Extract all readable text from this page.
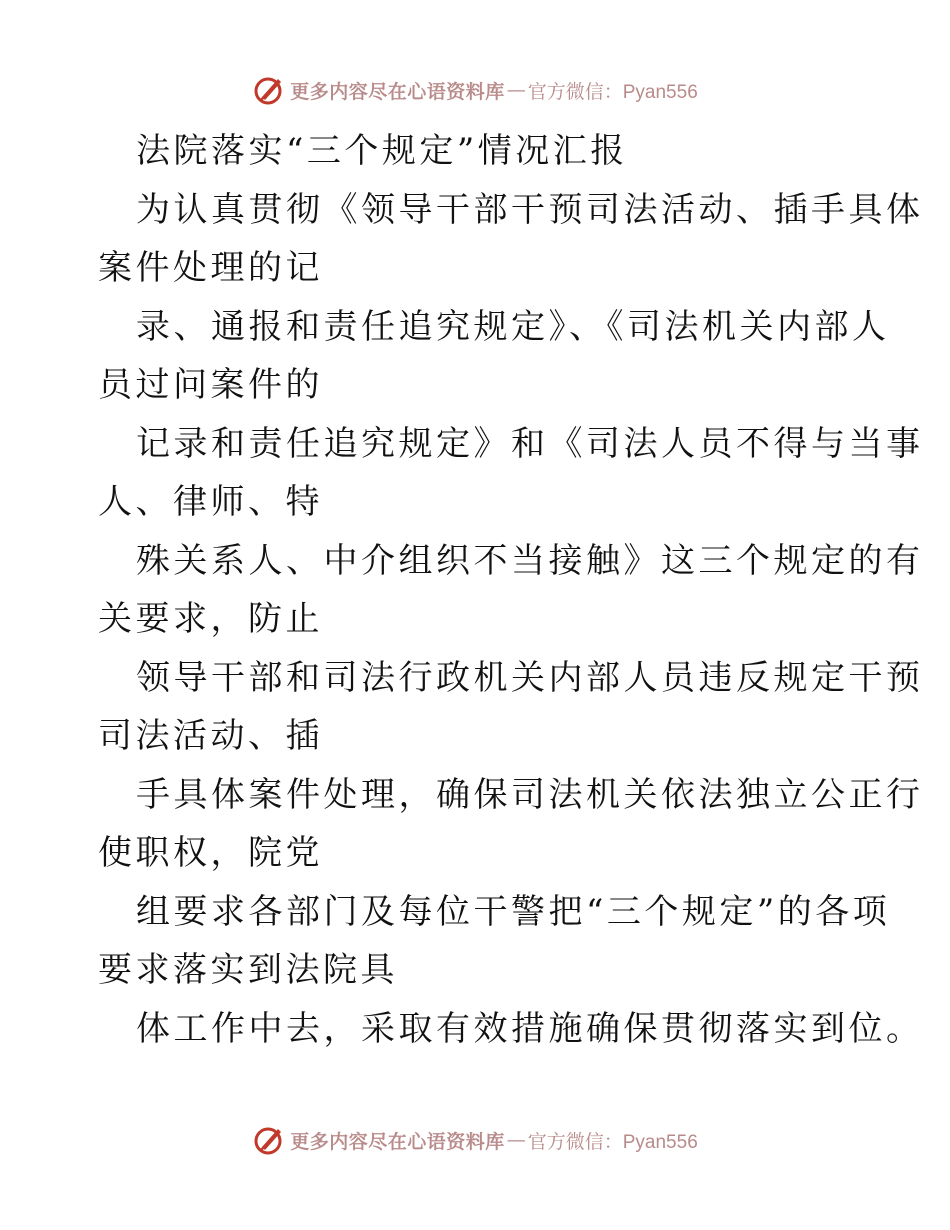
更多内容尽在心语资料库 — 官方微信：Pyan556
法院落实“三个规定”情况汇报
为认真贯彻《领导干部干预司法活动、插手具体
案件处理的记
录、通报和责任追究规定》、《司法机关内部人
员过问案件的
记录和责任追究规定》和《司法人员不得与当事
人、律师、特
殊关系人、中介组织不当接触》这三个规定的有
关要求，防止
领导干部和司法行政机关内部人员违反规定干预
司法活动、插
手具体案件处理，确保司法机关依法独立公正行
使职权，院党
组要求各部门及每位干警把“三个规定”的各项
要求落实到法院具
体工作中去，采取有效措施确保贯彻落实到位。
更多内容尽在心语资料库 — 官方微信：Pyan556
